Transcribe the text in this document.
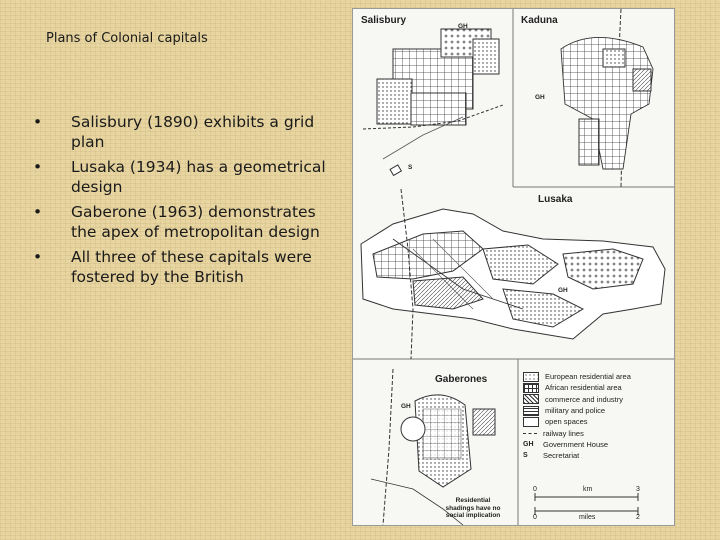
Plans of Colonial capitals
• Salisbury (1890) exhibits a grid plan
• Lusaka (1934) has a geometrical design
• Gaberone (1963) demonstrates the apex of metropolitan design
• All three of these capitals were fostered by the British
Salisbury	Kaduna
Lusaka
Gaberones
GH
GH
GH
GH
S
Residential shadings have no social implication
European residential area
African residential area
commerce and industry
military and police
open spaces
railway lines
GH	Government House
S	Secretariat
0	km	3
0	miles	2
